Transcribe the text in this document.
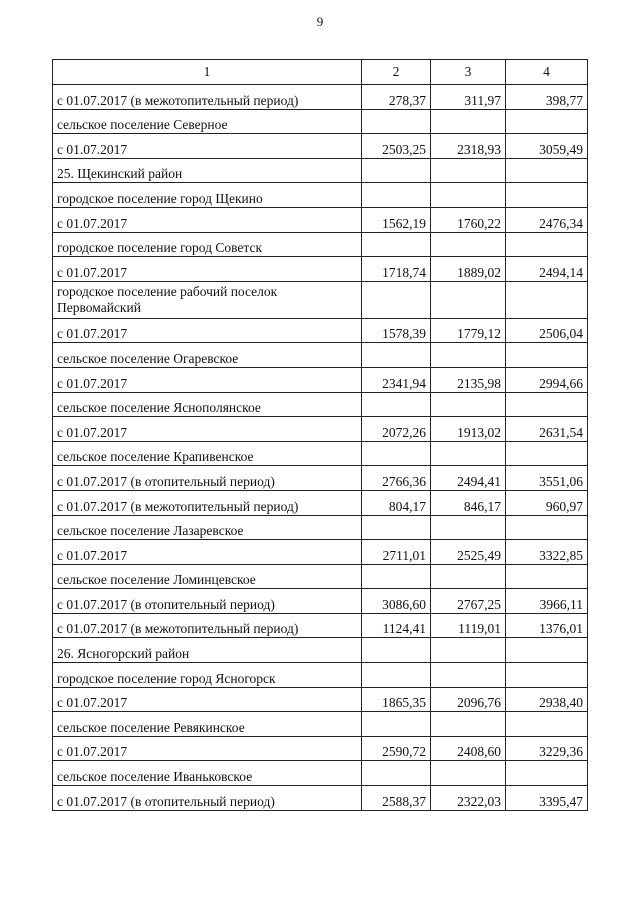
9
1	2	3	4
с 01.07.2017 (в межотопительный период)	278,37	311,97	398,77
сельское поселение Северное			
с 01.07.2017	2503,25	2318,93	3059,49
25. Щекинский район			
городское поселение город Щекино			
с 01.07.2017	1562,19	1760,22	2476,34
городское поселение город Советск			
с 01.07.2017	1718,74	1889,02	2494,14
городское поселение рабочий поселок Первомайский			
с 01.07.2017	1578,39	1779,12	2506,04
сельское поселение Огаревское			
с 01.07.2017	2341,94	2135,98	2994,66
сельское поселение Яснополянское			
с 01.07.2017	2072,26	1913,02	2631,54
сельское поселение Крапивенское			
с 01.07.2017 (в отопительный период)	2766,36	2494,41	3551,06
с 01.07.2017 (в межотопительный период)	804,17	846,17	960,97
сельское поселение Лазаревское			
с 01.07.2017	2711,01	2525,49	3322,85
сельское поселение Ломинцевское			
с 01.07.2017 (в отопительный период)	3086,60	2767,25	3966,11
с 01.07.2017 (в межотопительный период)	1124,41	1119,01	1376,01
26. Ясногорский район			
городское поселение город Ясногорск			
с 01.07.2017	1865,35	2096,76	2938,40
сельское поселение Ревякинское			
с 01.07.2017	2590,72	2408,60	3229,36
сельское поселение Иваньковское			
с 01.07.2017 (в отопительный период)	2588,37	2322,03	3395,47
